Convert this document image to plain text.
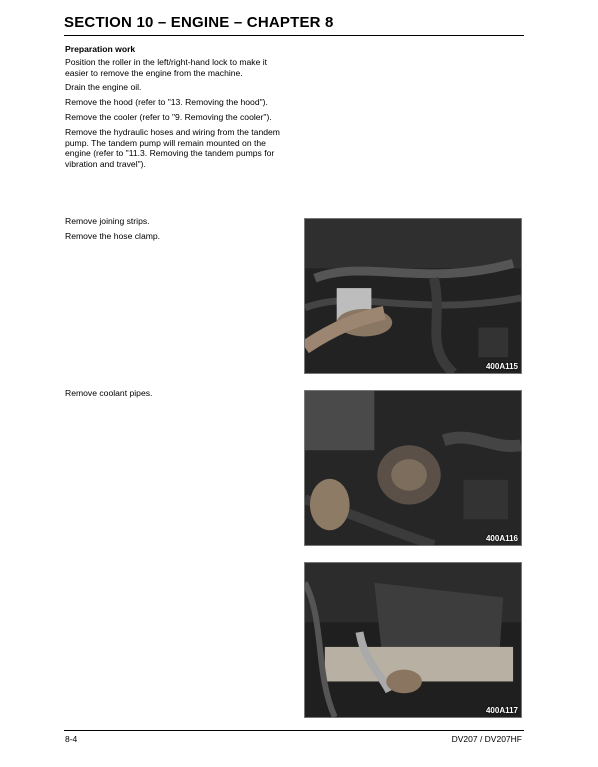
SECTION 10 – ENGINE – CHAPTER 8
Preparation work

Position the roller in the left/right-hand lock to make it easier to remove the engine from the machine.

Drain the engine oil.

Remove the hood (refer to "13. Removing the hood").

Remove the cooler (refer to "9. Removing the cooler").

Remove the hydraulic hoses and wiring from the tandem pump. The tandem pump will remain mounted on the engine (refer to "11.3. Removing the tandem pumps for vibration and travel").

Remove joining strips.

Remove the hose clamp.

400A115

Remove coolant pipes.

400A116
400A117
8-4	DV207 / DV207HF
